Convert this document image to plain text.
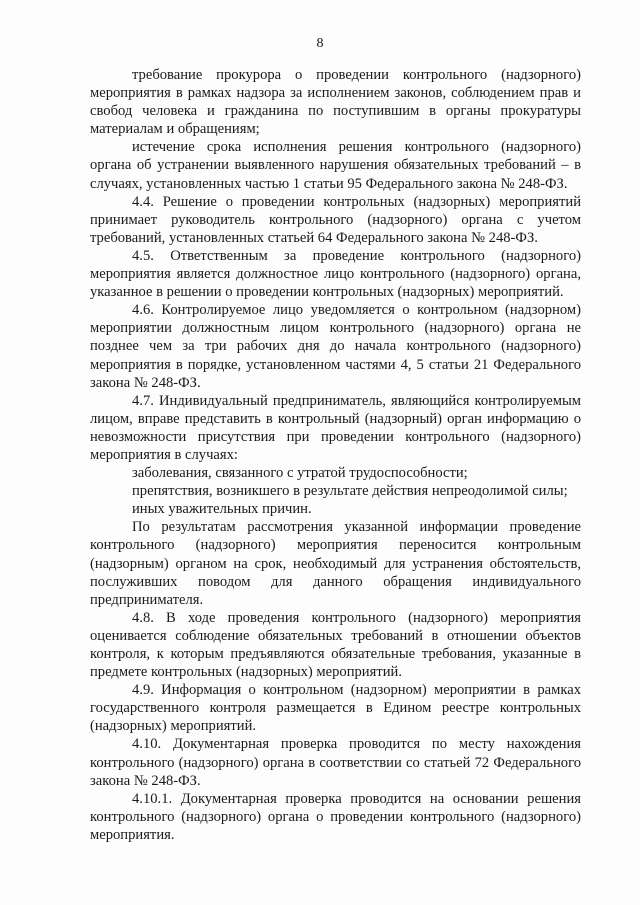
8

требование прокурора о проведении контрольного (надзорного) мероприятия в рамках надзора за исполнением законов, соблюдением прав и свобод человека и гражданина по поступившим в органы прокуратуры материалам и обращениям;

истечение срока исполнения решения контрольного (надзорного) органа об устранении выявленного нарушения обязательных требований – в случаях, установленных частью 1 статьи 95 Федерального закона № 248-ФЗ.

4.4. Решение о проведении контрольных (надзорных) мероприятий принимает руководитель контрольного (надзорного) органа с учетом требований, установленных статьей 64 Федерального закона № 248-ФЗ.

4.5. Ответственным за проведение контрольного (надзорного) мероприятия является должностное лицо контрольного (надзорного) органа, указанное в решении о проведении контрольных (надзорных) мероприятий.

4.6. Контролируемое лицо уведомляется о контрольном (надзорном) мероприятии должностным лицом контрольного (надзорного) органа не позднее чем за три рабочих дня до начала контрольного (надзорного) мероприятия в порядке, установленном частями 4, 5 статьи 21 Федерального закона № 248-ФЗ.

4.7. Индивидуальный предприниматель, являющийся контролируемым лицом, вправе представить в контрольный (надзорный) орган информацию о невозможности присутствия при проведении контрольного (надзорного) мероприятия в случаях:

заболевания, связанного с утратой трудоспособности;

препятствия, возникшего в результате действия непреодолимой силы;

иных уважительных причин.

По результатам рассмотрения указанной информации проведение контрольного (надзорного) мероприятия переносится контрольным (надзорным) органом на срок, необходимый для устранения обстоятельств, послуживших поводом для данного обращения индивидуального предпринимателя.

4.8. В ходе проведения контрольного (надзорного) мероприятия оценивается соблюдение обязательных требований в отношении объектов контроля, к которым предъявляются обязательные требования, указанные в предмете контрольных (надзорных) мероприятий.

4.9. Информация о контрольном (надзорном) мероприятии в рамках государственного контроля размещается в Едином реестре контрольных (надзорных) мероприятий.

4.10. Документарная проверка проводится по месту нахождения контрольного (надзорного) органа в соответствии со статьей 72 Федерального закона № 248-ФЗ.

4.10.1. Документарная проверка проводится на основании решения контрольного (надзорного) органа о проведении контрольного (надзорного) мероприятия.
